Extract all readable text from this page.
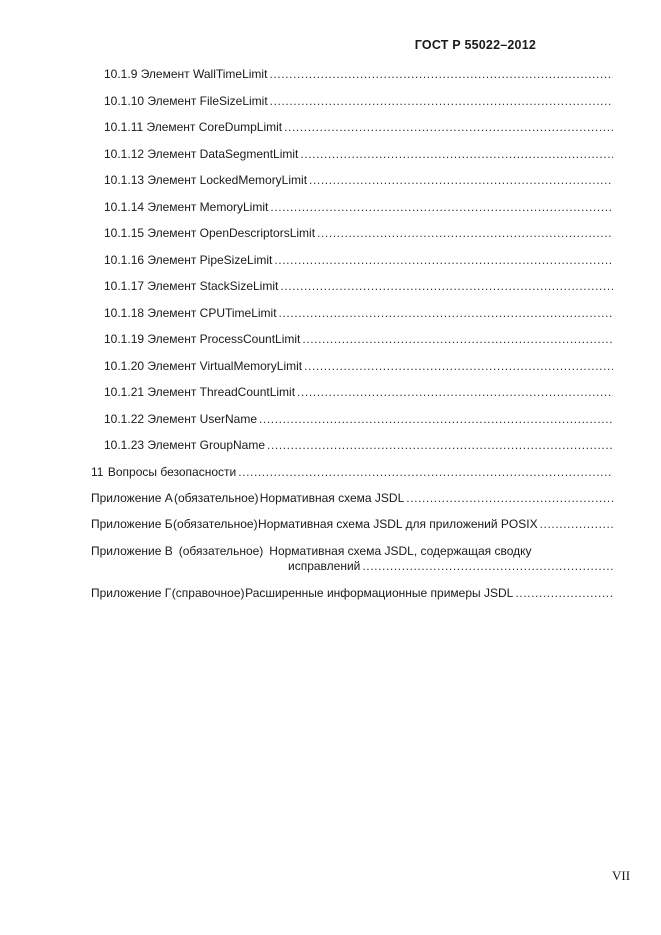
ГОСТ Р 55022–2012
10.1.9 Элемент WallTimeLimit
.....
10.1.10 Элемент FileSizeLimit
.....
10.1.11 Элемент CoreDumpLimit
.....
10.1.12 Элемент DataSegmentLimit
.....
10.1.13 Элемент LockedMemoryLimit
.....
10.1.14 Элемент MemoryLimit
.....
10.1.15 Элемент OpenDescriptorsLimit
.....
10.1.16 Элемент PipeSizeLimit
.....
10.1.17 Элемент StackSizeLimit
.....
10.1.18 Элемент CPUTimeLimit
.....
10.1.19 Элемент ProcessCountLimit
.....
10.1.20 Элемент VirtualMemoryLimit
.....
10.1.21 Элемент ThreadCountLimit
.....
10.1.22 Элемент UserName
.....
10.1.23 Элемент GroupName
.....
11 Вопросы безопасности
.....
Приложение А (обязательное) Нормативная схема JSDL
.....
Приложение Б (обязательное) Нормативная схема JSDL для приложений POSIX
.....
Приложение В (обязательное) Нормативная схема JSDL, содержащая сводку
исправлений
.....
Приложение Г (справочное) Расширенные информационные примеры JSDL
.....
VII
